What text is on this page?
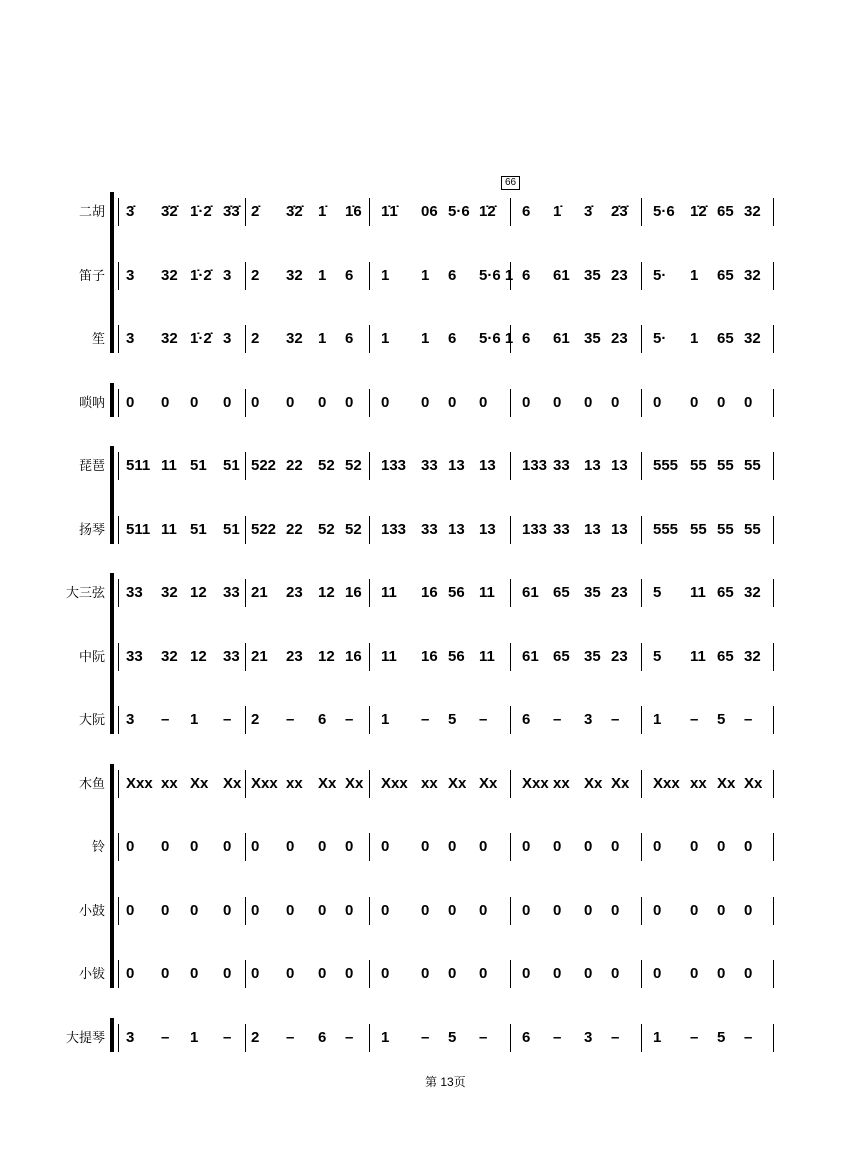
66
二胡 3̇ 3̇2̇ 1̇·2̇ 3̇3̇ 2̇ 3̇2̇ 1̇ 1̇6 1̇1̇ 06 5·6 1̇2̇ 6 1̇ 3̇ 2̇3̇ 5·6 1̇2̇ 65 32
笛子 3 32 1̇·2̇ 3 2 32 1 6 1 1 6 5·6 1 6 61 35 23 5· 1 65 32
笙 3 32 1̇·2̇ 3 2 32 1 6 1 1 6 5·6 1 6 61 35 23 5· 1 65 32
唢呐 0 0 0 0 0 0 0 0 0 0 0 0 0 0 0 0 0 0 0 0
琵琶 511 11 51 51 522 22 52 52 133 33 13 13 133 33 13 13 555 55 55 55
扬琴 511 11 51 51 522 22 52 52 133 33 13 13 133 33 13 13 555 55 55 55
大三弦 33 32 12 33 21 23 12 16 11 16 56 11 61 65 35 23 5 11 65 32
中阮 33 32 12 33 21 23 12 16 11 16 56 11 61 65 35 23 5 11 65 32
大阮 3 – 1 – 2 – 6 – 1 – 5 – 6 – 3 – 1 – 5 –
木鱼 Xxx xx Xx Xx Xxx xx Xx Xx Xxx xx Xx Xx Xxx xx Xx Xx Xxx xx Xx Xx
铃 0 0 0 0 0 0 0 0 0 0 0 0 0 0 0 0 0 0 0 0
小鼓 0 0 0 0 0 0 0 0 0 0 0 0 0 0 0 0 0 0 0 0
小钹 0 0 0 0 0 0 0 0 0 0 0 0 0 0 0 0 0 0 0 0
大提琴 3 – 1 – 2 – 6 – 1 – 5 – 6 – 3 – 1 – 5 –
第 13页
